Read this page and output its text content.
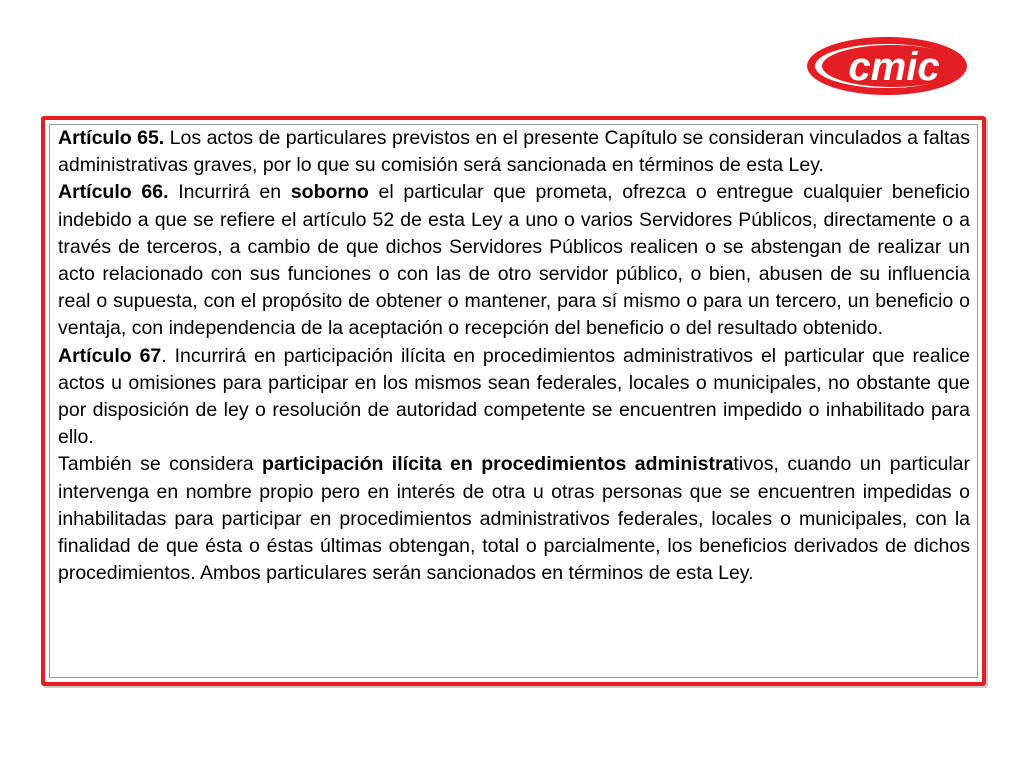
cmic

Artículo 65. Los actos de particulares previstos en el presente Capítulo se consideran vinculados a faltas administrativas graves, por lo que su comisión será sancionada en términos de esta Ley.

Artículo 66. Incurrirá en soborno el particular que prometa, ofrezca o entregue cualquier beneficio indebido a que se refiere el artículo 52 de esta Ley a uno o varios Servidores Públicos, directamente o a través de terceros, a cambio de que dichos Servidores Públicos realicen o se abstengan de realizar un acto relacionado con sus funciones o con las de otro servidor público, o bien, abusen de su influencia real o supuesta, con el propósito de obtener o mantener, para sí mismo o para un tercero, un beneficio o ventaja, con independencia de la aceptación o recepción del beneficio o del resultado obtenido.

Artículo 67. Incurrirá en participación ilícita en procedimientos administrativos el particular que realice actos u omisiones para participar en los mismos sean federales, locales o municipales, no obstante que por disposición de ley o resolución de autoridad competente se encuentren impedido o inhabilitado para ello.

También se considera participación ilícita en procedimientos administrativos, cuando un particular intervenga en nombre propio pero en interés de otra u otras personas que se encuentren impedidas o inhabilitadas para participar en procedimientos administrativos federales, locales o municipales, con la finalidad de que ésta o éstas últimas obtengan, total o parcialmente, los beneficios derivados de dichos procedimientos. Ambos particulares serán sancionados en términos de esta Ley.
